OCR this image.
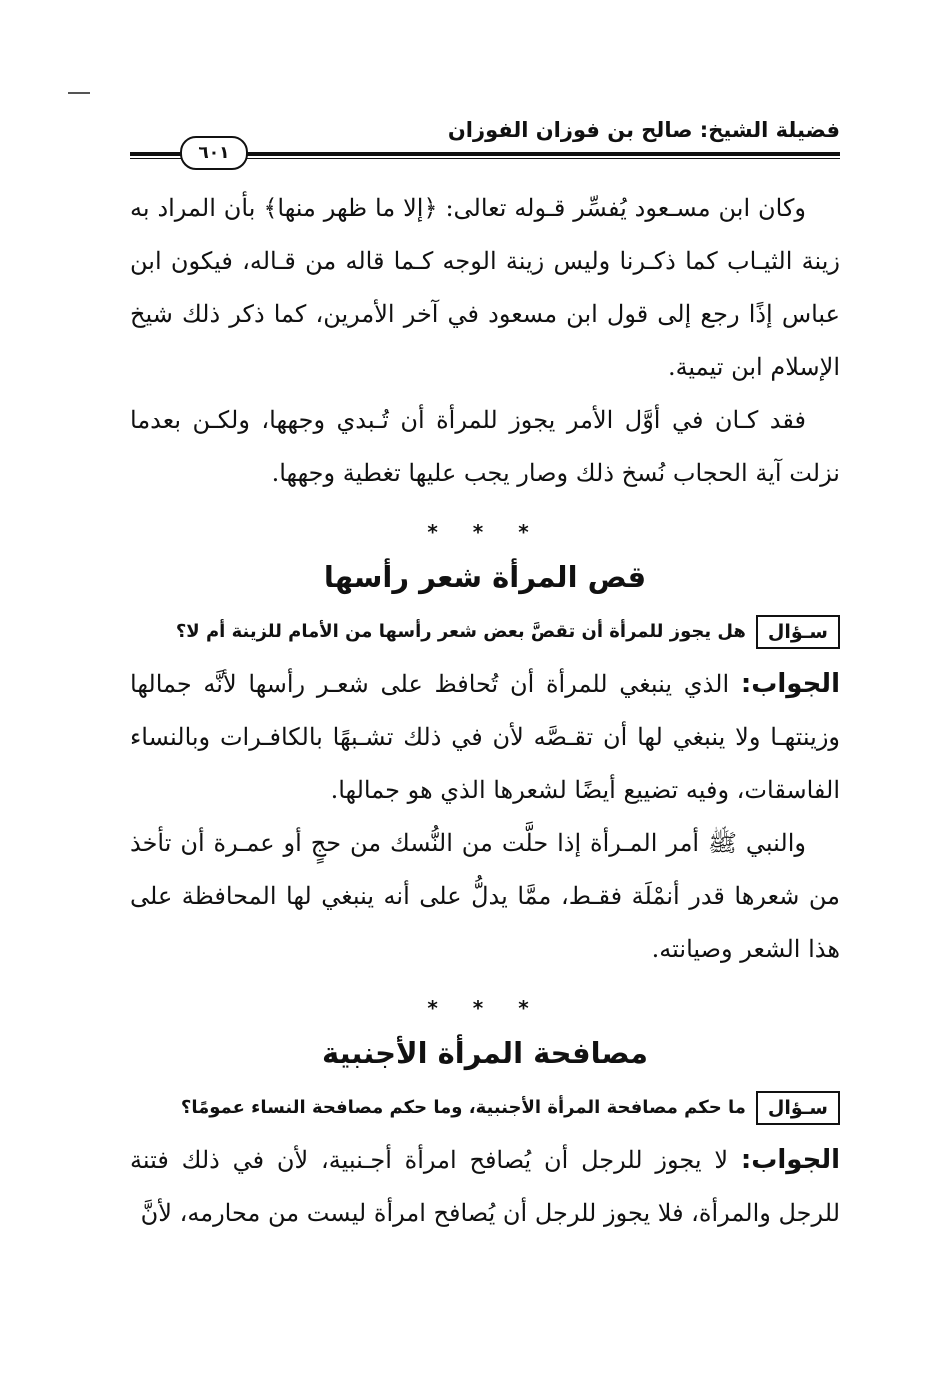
فضيلة الشيخ: صالح بن فوزان الفوزان
٦٠١

وكان ابن مسـعود يُفسِّر قـوله تعالى: ﴿إلا ما ظهر منها﴾ بأن المراد به زينة الثيـاب كما ذكـرنا وليس زينة الوجه كـما قاله من قـاله، فيكون ابن عباس إذًا رجع إلى قول ابن مسعود في آخر الأمرين، كما ذكر ذلك شيخ الإسلام ابن تيمية.

فقد كـان في أوَّل الأمر يجوز للمرأة أن تُـبدي وجهها، ولكـن بعدما نزلت آية الحجاب نُسخ ذلك وصار يجب عليها تغطية وجهها.

* * *
قص المرأة شعر رأسها
سـؤالهل يجوز للمرأة أن تقصَّ بعض شعر رأسها من الأمام للزينة أم لا؟

الجواب: الذي ينبغي للمرأة أن تُحافظ على شعـر رأسها لأنَّه جمالها وزينتهـا ولا ينبغي لها أن تقـصَّه لأن في ذلك تشـبهًا بالكافـرات وبالنساء الفاسقات، وفيه تضييع أيضًا لشعرها الذي هو جمالها.

والنبي ﷺ أمر المـرأة إذا حلَّت من النُّسك من حجٍ أو عمـرة أن تأخذ من شعرها قدر أنمْلَة فقـط، ممَّا يدلُّ على أنه ينبغي لها المحافظة على هذا الشعر وصيانته.

* * *
مصافحة المرأة الأجنبية
سـؤالما حكم مصافحة المرأة الأجنبية، وما حكم مصافحة النساء عمومًا؟

الجواب: لا يجوز للرجل أن يُصافح امرأة أجـنبية، لأن في ذلك فتنة للرجل والمرأة، فلا يجوز للرجل أن يُصافح امرأة ليست من محارمه، لأنَّ
